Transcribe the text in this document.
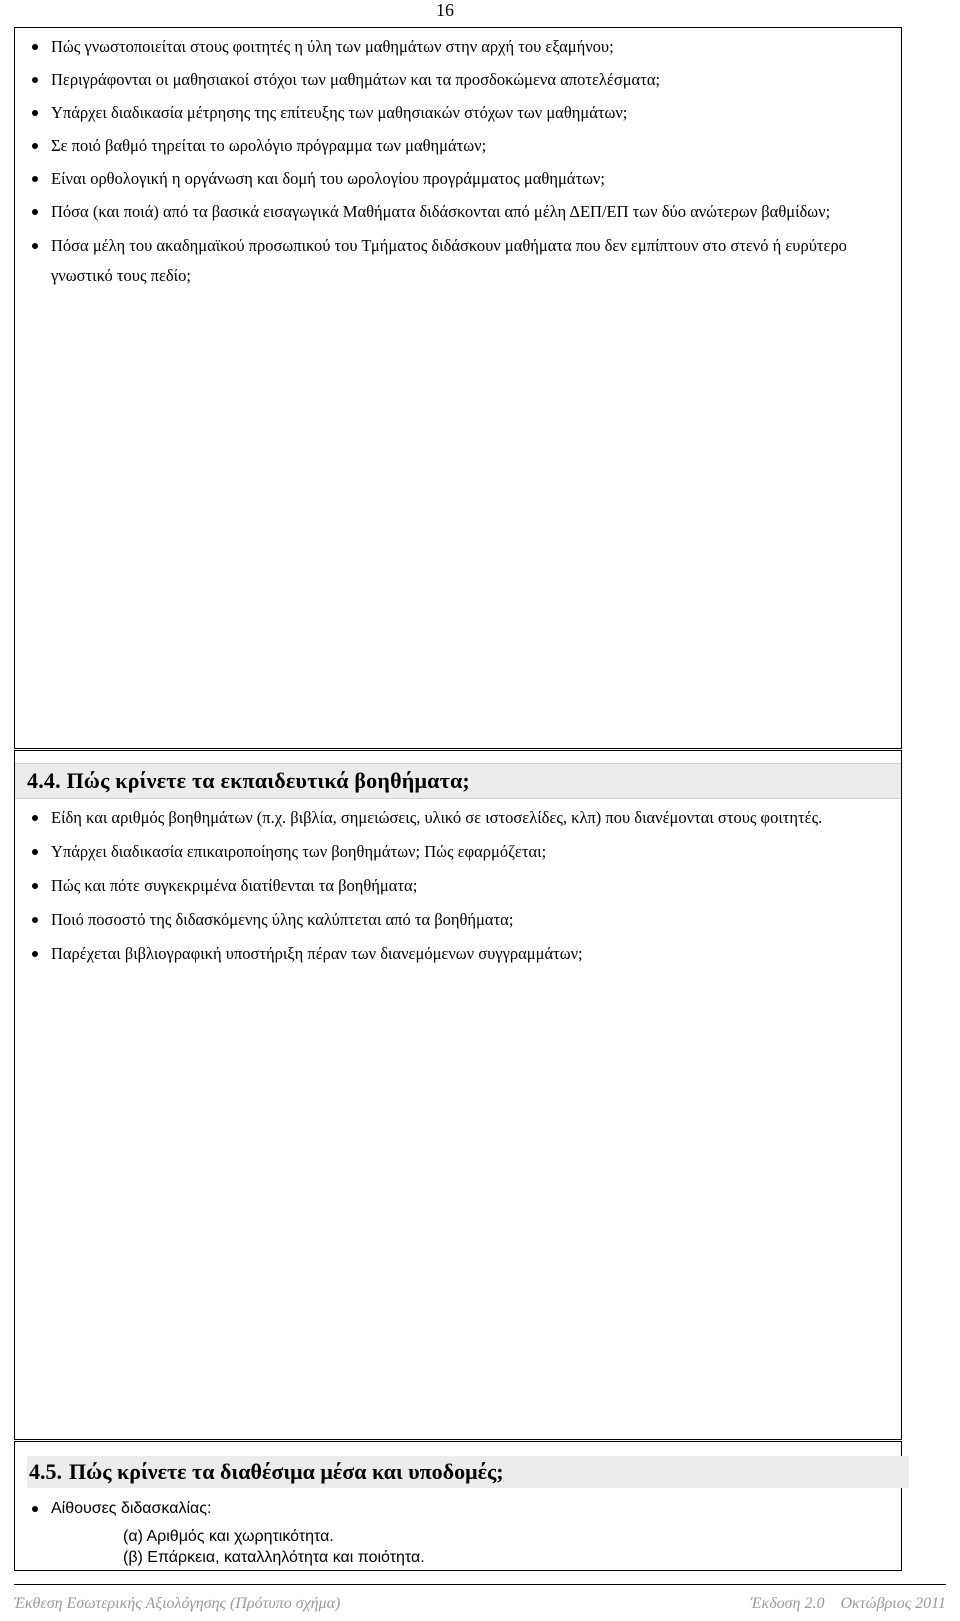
16
Πώς γνωστοποιείται στους φοιτητές η ύλη των μαθημάτων στην αρχή του εξαμήνου;
Περιγράφονται οι μαθησιακοί στόχοι των μαθημάτων και τα προσδοκώμενα αποτελέσματα;
Υπάρχει διαδικασία μέτρησης της επίτευξης των μαθησιακών στόχων των μαθημάτων;
Σε ποιό βαθμό τηρείται το ωρολόγιο πρόγραμμα των μαθημάτων;
Είναι ορθολογική η οργάνωση και δομή του ωρολογίου προγράμματος μαθημάτων;
Πόσα (και ποιά) από τα βασικά εισαγωγικά Μαθήματα διδάσκονται από μέλη ΔΕΠ/ΕΠ των δύο ανώτερων βαθμίδων;
Πόσα μέλη του ακαδημαϊκού προσωπικού του Τμήματος διδάσκουν μαθήματα που δεν εμπίπτουν στο στενό ή ευρύτερο γνωστικό τους πεδίο;
4.4. Πώς κρίνετε τα εκπαιδευτικά βοηθήματα;
Είδη και αριθμός βοηθημάτων (π.χ. βιβλία, σημειώσεις, υλικό σε ιστοσελίδες, κλπ) που διανέμονται στους φοιτητές.
Υπάρχει διαδικασία επικαιροποίησης των βοηθημάτων; Πώς εφαρμόζεται;
Πώς και πότε συγκεκριμένα διατίθενται τα βοηθήματα;
Ποιό ποσοστό της διδασκόμενης ύλης καλύπτεται από τα βοηθήματα;
Παρέχεται βιβλιογραφική υποστήριξη πέραν των διανεμόμενων συγγραμμάτων;
4.5. Πώς κρίνετε τα διαθέσιμα μέσα και υποδομές;
Αίθουσες διδασκαλίας:
(α) Αριθμός και χωρητικότητα.
(β) Επάρκεια, καταλληλότητα και ποιότητα.
Έκθεση Εσωτερικής Αξιολόγησης (Πρότυπο σχήμα)	Έκδοση 2.0 Οκτώβριος 2011
